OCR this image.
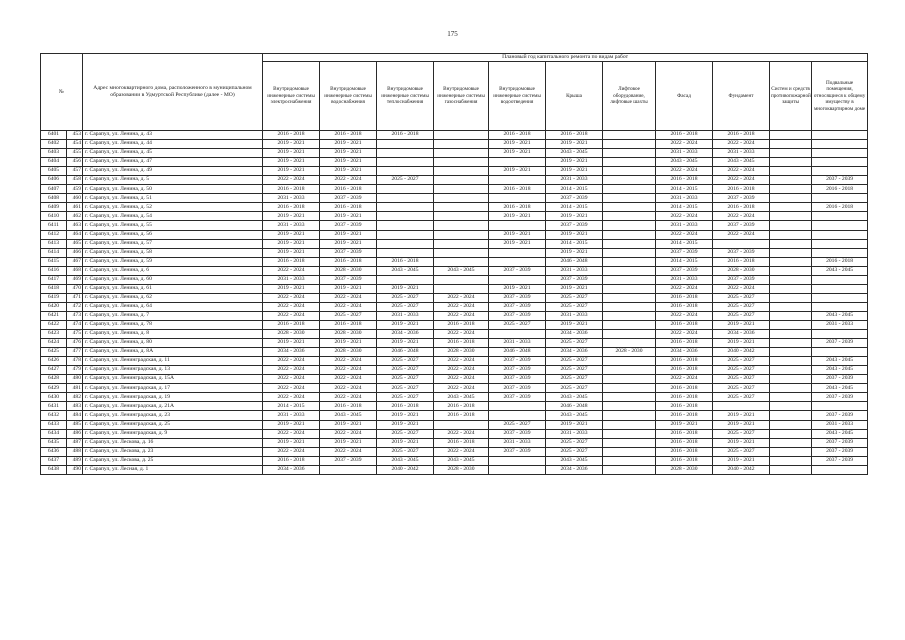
175
№		Адрес многоквартирного дома, расположенного в муниципальном образовании в Удмуртской Республике (далее - МО)	Плановый год капитального ремонта по видам работ										
			Внутридомовые инженерные системы электроснабжения	Внутридомовые инженерные системы водоснабжения	Внутридомовые инженерные системы теплоснабжения	Внутридомовые инженерные системы газоснабжения	Внутридомовые инженерные системы водоотведения	Крыша	Лифтовое оборудование, лифтовые шахты	Фасад	Фундамент	Систем и средств противопожарной защиты	Подвальные помещения, относящиеся к общему имуществу в многоквартирном доме
6401	453	г. Сарапул, ул. Ленина, д. 43	2016 - 2018	2016 - 2018	2016 - 2018		2016 - 2018	2016 - 2018		2016 - 2018	2016 - 2018		
6402	454	г. Сарапул, ул. Ленина, д. 44	2019 - 2021	2019 - 2021			2019 - 2021	2019 - 2021		2022 - 2024	2022 - 2024		
6403	455	г. Сарапул, ул. Ленина, д. 45	2019 - 2021	2019 - 2021			2019 - 2021	2043 - 2045		2031 - 2033	2031 - 2033		
6404	456	г. Сарапул, ул. Ленина, д. 47	2019 - 2021	2019 - 2021				2019 - 2021		2043 - 2045	2043 - 2045		
6405	457	г. Сарапул, ул. Ленина, д. 49	2019 - 2021	2019 - 2021			2019 - 2021	2019 - 2021		2022 - 2024	2022 - 2024		
6406	458	г. Сарапул, ул. Ленина, д. 5	2022 - 2024	2022 - 2024	2025 - 2027			2031 - 2033		2016 - 2018	2022 - 2024		2037 - 2039
6407	459	г. Сарапул, ул. Ленина, д. 50	2016 - 2018	2016 - 2018			2016 - 2018	2014 - 2015		2014 - 2015	2016 - 2018		2016 - 2018
6408	460	г. Сарапул, ул. Ленина, д. 51	2031 - 2033	2037 - 2039				2037 - 2039		2031 - 2033	2037 - 2039		
6409	461	г. Сарапул, ул. Ленина, д. 52	2016 - 2018	2016 - 2018			2016 - 2018	2014 - 2015		2014 - 2015	2016 - 2018		2016 - 2018
6410	462	г. Сарапул, ул. Ленина, д. 54	2019 - 2021	2019 - 2021			2019 - 2021	2019 - 2021		2022 - 2024	2022 - 2024		
6411	463	г. Сарапул, ул. Ленина, д. 55	2031 - 2033	2037 - 2039				2037 - 2039		2031 - 2033	2037 - 2039		
6412	464	г. Сарапул, ул. Ленина, д. 56	2019 - 2021	2019 - 2021			2019 - 2021	2019 - 2021		2022 - 2024	2022 - 2024		
6413	465	г. Сарапул, ул. Ленина, д. 57	2019 - 2021	2019 - 2021			2019 - 2021	2014 - 2015		2014 - 2015			
6414	466	г. Сарапул, ул. Ленина, д. 58	2019 - 2021	2037 - 2039				2019 - 2021		2037 - 2039	2037 - 2039		
6415	467	г. Сарапул, ул. Ленина, д. 59	2016 - 2018	2016 - 2018	2016 - 2018			2046 - 2048		2014 - 2015	2016 - 2018		2016 - 2018
6416	468	г. Сарапул, ул. Ленина, д. 6	2022 - 2024	2028 - 2030	2043 - 2045	2043 - 2045	2037 - 2039	2031 - 2033		2037 - 2039	2028 - 2030		2043 - 2045
6417	469	г. Сарапул, ул. Ленина, д. 60	2031 - 2033	2037 - 2039				2037 - 2039		2031 - 2033	2037 - 2039		
6418	470	г. Сарапул, ул. Ленина, д. 61	2019 - 2021	2019 - 2021	2019 - 2021		2019 - 2021	2019 - 2021		2022 - 2024	2022 - 2024		
6419	471	г. Сарапул, ул. Ленина, д. 62	2022 - 2024	2022 - 2024	2025 - 2027	2022 - 2024	2037 - 2039	2025 - 2027		2016 - 2018	2025 - 2027		
6420	472	г. Сарапул, ул. Ленина, д. 64	2022 - 2024	2022 - 2024	2025 - 2027	2022 - 2024	2037 - 2039	2025 - 2027		2016 - 2018	2025 - 2027		
6421	473	г. Сарапул, ул. Ленина, д. 7	2022 - 2024	2025 - 2027	2031 - 2033	2022 - 2024	2037 - 2039	2031 - 2033		2022 - 2024	2025 - 2027		2043 - 2045
6422	474	г. Сарапул, ул. Ленина, д. 78	2016 - 2018	2016 - 2018	2019 - 2021	2016 - 2018	2025 - 2027	2019 - 2021		2016 - 2018	2019 - 2021		2031 - 2033
6423	475	г. Сарапул, ул. Ленина, д. 8	2028 - 2030	2028 - 2030	2034 - 2036	2022 - 2024		2034 - 2036		2022 - 2024	2034 - 2036		
6424	476	г. Сарапул, ул. Ленина, д. 80	2019 - 2021	2019 - 2021	2019 - 2021	2016 - 2018	2031 - 2033	2025 - 2027		2016 - 2018	2019 - 2021		2037 - 2039
6425	477	г. Сарапул, ул. Ленина, д. 8А	2034 - 2036	2028 - 2030	2046 - 2048	2028 - 2030	2046 - 2048	2034 - 2036	2028 - 2030	2034 - 2036	2040 - 2042		
6426	478	г. Сарапул, ул. Ленинградская, д. 11	2022 - 2024	2022 - 2024	2025 - 2027	2022 - 2024	2037 - 2039	2025 - 2027		2016 - 2018	2025 - 2027		2043 - 2045
6427	479	г. Сарапул, ул. Ленинградская, д. 13	2022 - 2024	2022 - 2024	2025 - 2027	2022 - 2024	2037 - 2039	2025 - 2027		2016 - 2018	2025 - 2027		2043 - 2045
6428	480	г. Сарапул, ул. Ленинградская, д. 15А	2022 - 2024	2022 - 2024	2025 - 2027	2022 - 2024	2037 - 2039	2025 - 2027		2022 - 2024	2025 - 2027		2037 - 2039
6429	481	г. Сарапул, ул. Ленинградская, д. 17	2022 - 2024	2022 - 2024	2025 - 2027	2022 - 2024	2037 - 2039	2025 - 2027		2016 - 2018	2025 - 2027		2043 - 2045
6430	482	г. Сарапул, ул. Ленинградская, д. 19	2022 - 2024	2022 - 2024	2025 - 2027	2043 - 2045	2037 - 2039	2043 - 2045		2016 - 2018	2025 - 2027		2037 - 2039
6431	483	г. Сарапул, ул. Ленинградская, д. 21А	2014 - 2015	2016 - 2018	2016 - 2018	2016 - 2018		2046 - 2048		2016 - 2018			
6432	484	г. Сарапул, ул. Ленинградская, д. 23	2031 - 2033	2043 - 2045	2019 - 2021	2016 - 2018		2043 - 2045		2016 - 2018	2019 - 2021		2037 - 2039
6433	485	г. Сарапул, ул. Ленинградская, д. 25	2019 - 2021	2019 - 2021	2019 - 2021		2025 - 2027	2019 - 2021		2019 - 2021	2019 - 2021		2031 - 2033
6434	486	г. Сарапул, ул. Ленинградская, д. 9	2022 - 2024	2022 - 2024	2025 - 2027	2022 - 2024	2037 - 2039	2031 - 2033		2016 - 2018	2025 - 2027		2043 - 2045
6435	487	г. Сарапул, ул. Лескова, д. 16	2019 - 2021	2019 - 2021	2019 - 2021	2016 - 2018	2031 - 2033	2025 - 2027		2016 - 2018	2019 - 2021		2037 - 2039
6436	488	г. Сарапул, ул. Лескова, д. 23	2022 - 2024	2022 - 2024	2025 - 2027	2022 - 2024	2037 - 2039	2025 - 2027		2016 - 2018	2025 - 2027		2037 - 2039
6437	489	г. Сарапул, ул. Лескова, д. 25	2016 - 2018	2037 - 2039	2043 - 2045	2043 - 2045		2043 - 2045		2016 - 2018	2019 - 2021		2037 - 2039
6438	490	г. Сарапул, ул. Лесная, д. 1	2034 - 2036		2040 - 2042	2028 - 2030		2034 - 2036		2028 - 2030	2040 - 2042		
